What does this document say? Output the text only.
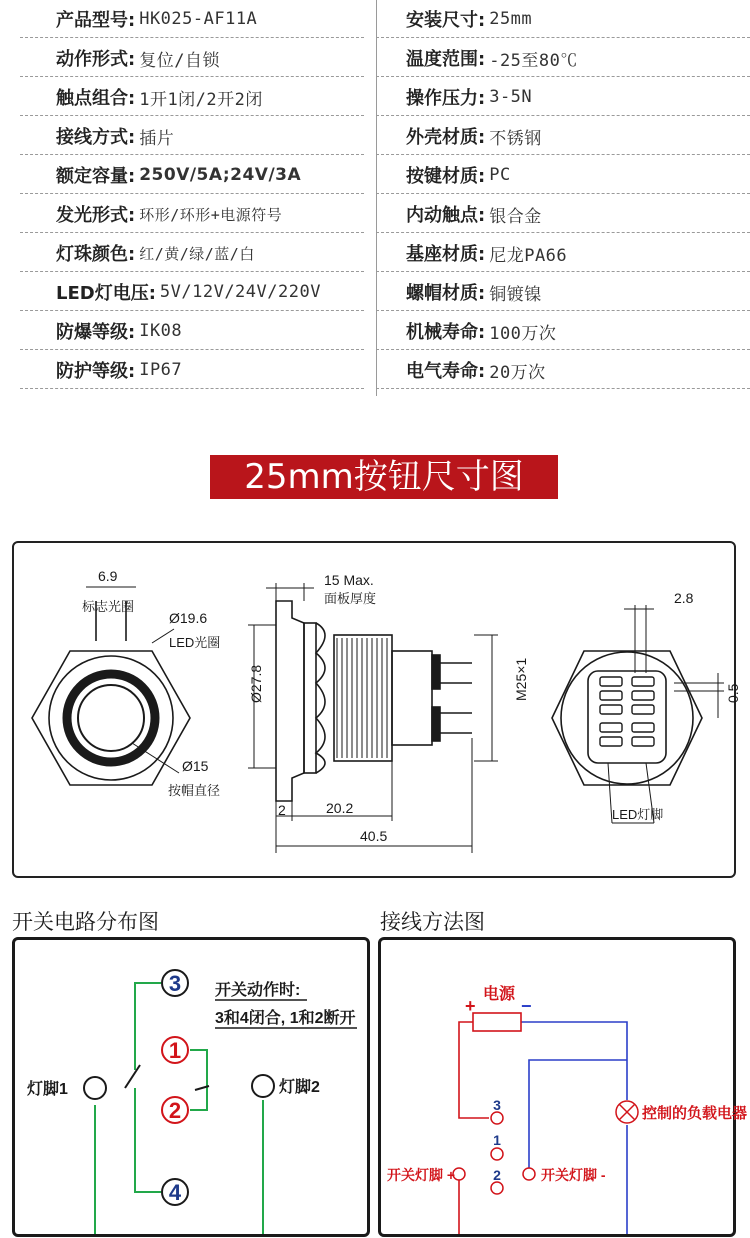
产品型号: HK025-AF11A
动作形式: 复位/自锁
触点组合: 1开1闭/2开2闭
接线方式: 插片
额定容量: 250V/5A;24V/3A
发光形式: 环形/环形+电源符号
灯珠颜色: 红/黄/绿/蓝/白
LED灯电压: 5V/12V/24V/220V
防爆等级: IK08
防护等级: IP67
安装尺寸: 25mm
温度范围: -25至80℃
操作压力: 3-5N
外壳材质: 不锈钢
按键材质: PC
内动触点: 银合金
基座材质: 尼龙PA66
螺帽材质: 铜镀镍
机械寿命: 100万次
电气寿命: 20万次
25mm按钮尺寸图
6.9
标志光圈
Ø19.6
LED光圈
Ø15
按帽直径
15 Max.
面板厚度
Ø27.8	M25×1
2	20.2
40.5
2.8
0.5
LED灯脚
开关电路分布图
3
1
2
4
开关动作时:
3和4闭合, 1和2断开
灯脚1	灯脚2
接线方法图
电源
+	−
控制的负载电器
开关灯脚 +	开关灯脚 -
3
1
2
